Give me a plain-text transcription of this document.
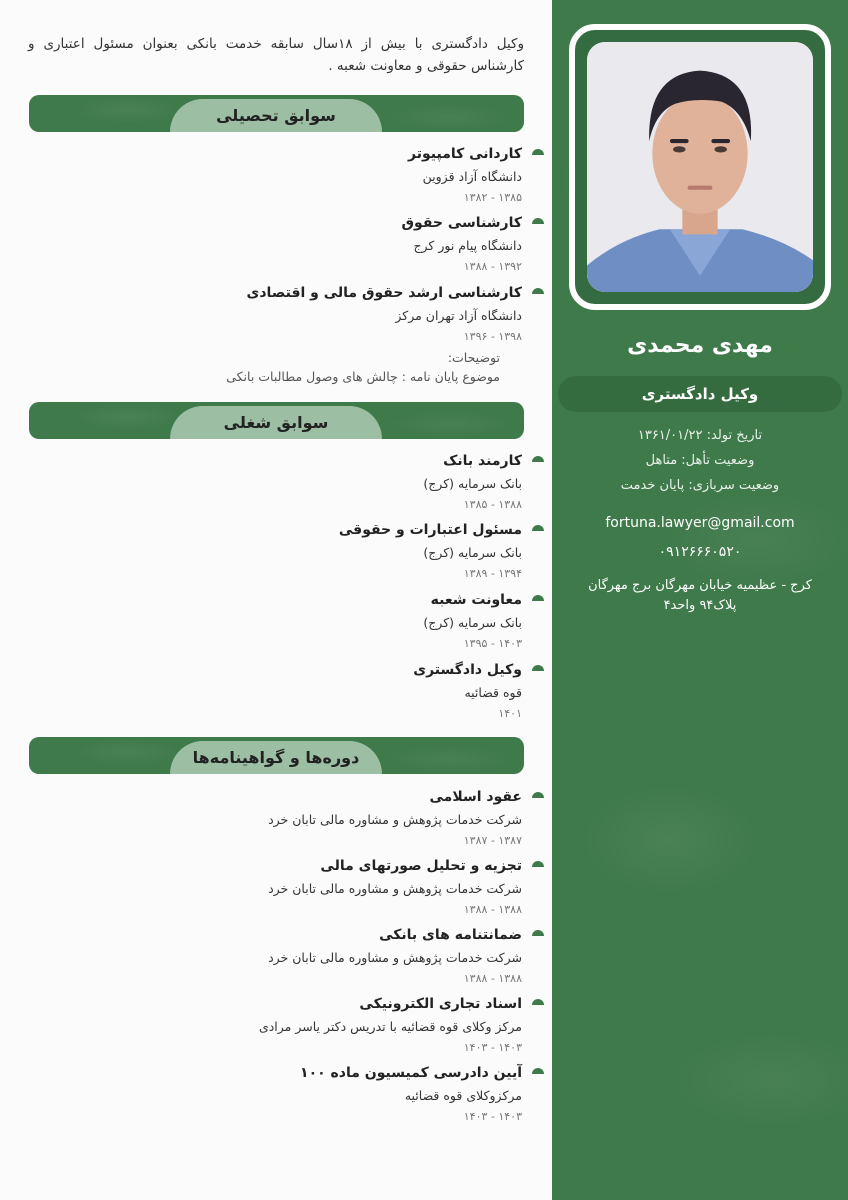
مهدی محمدی
وکیل دادگستری
تاریخ تولد: ۱۳۶۱/۰۱/۲۲
وضعیت تأهل: متاهل
وضعیت سربازی: پایان خدمت
fortuna.lawyer@gmail.com
۰۹۱۲۶۶۶۰۵۲۰
کرج - عظیمیه خیابان مهرگان برج مهرگان
پلاک۹۴ واحد۴
وکیل دادگستری با بیش از ۱۸سال سابقه خدمت بانکی بعنوان مسئول اعتباری و کارشناس حقوقی و معاونت شعبه .
سوابق تحصیلی
کاردانی کامپیوتر
دانشگاه آزاد قزوین
۱۳۸۵ - ۱۳۸۲
کارشناسی حقوق
دانشگاه پیام نور کرج
۱۳۹۲ - ۱۳۸۸
کارشناسی ارشد حقوق مالی و اقتصادی
دانشگاه آزاد تهران مرکز
۱۳۹۸ - ۱۳۹۶
توضیحات:
موضوع پایان نامه : چالش های وصول مطالبات بانکی
سوابق شغلی
کارمند بانک
بانک سرمایه (کرج)
۱۳۸۸ - ۱۳۸۵
مسئول اعتبارات و حقوقی
بانک سرمایه (کرج)
۱۳۹۴ - ۱۳۸۹
معاونت شعبه
بانک سرمایه (کرج)
۱۴۰۳ - ۱۳۹۵
وکیل دادگستری
قوه قضائیه
۱۴۰۱
دوره‌ها و گواهینامه‌ها
عقود اسلامی
شرکت خدمات پژوهش و مشاوره مالی تابان خرد
۱۳۸۷ - ۱۳۸۷
تجزیه و تحلیل صورتهای مالی
شرکت خدمات پژوهش و مشاوره مالی تابان خرد
۱۳۸۸ - ۱۳۸۸
ضمانتنامه های بانکی
شرکت خدمات پژوهش و مشاوره مالی تابان خرد
۱۳۸۸ - ۱۳۸۸
اسناد تجاری الکترونیکی
مرکز وکلای قوه قضائیه با تدریس دکتر یاسر مرادی
۱۴۰۳ - ۱۴۰۳
آیین دادرسی کمیسیون ماده ۱۰۰
مرکزوکلای قوه قضائیه
۱۴۰۳ - ۱۴۰۳
